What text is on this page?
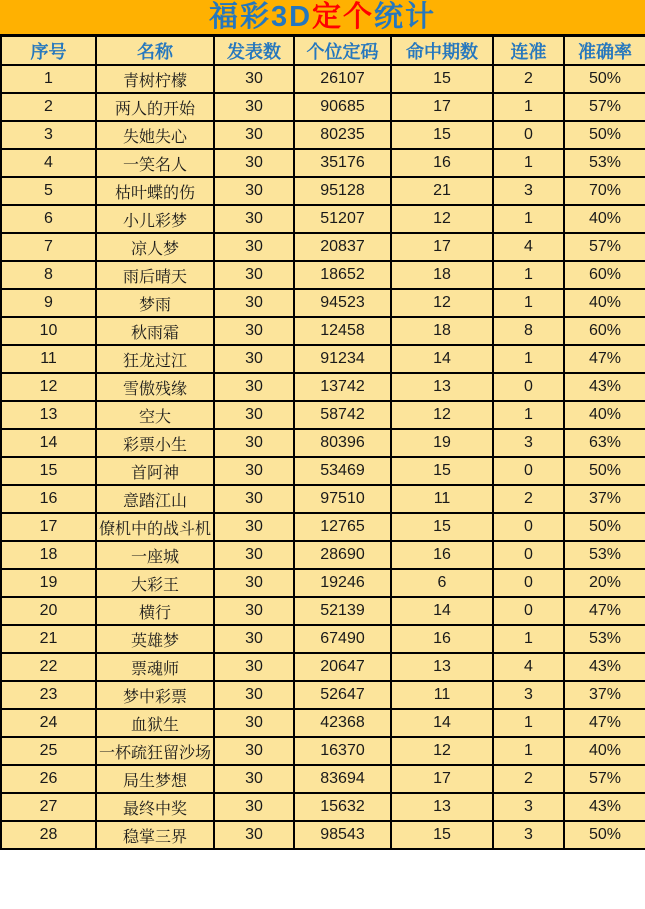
福彩3D 定个 统计
序号	名称	发表数	个位定码	命中期数	连准	准确率
1	青树柠檬	30	26107	15	2	50%
2	两人的开始	30	90685	17	1	57%
3	失她失心	30	80235	15	0	50%
4	一笑名人	30	35176	16	1	53%
5	枯叶蝶的伤	30	95128	21	3	70%
6	小儿彩梦	30	51207	12	1	40%
7	凉人梦	30	20837	17	4	57%
8	雨后晴天	30	18652	18	1	60%
9	梦雨	30	94523	12	1	40%
10	秋雨霜	30	12458	18	8	60%
11	狂龙过江	30	91234	14	1	47%
12	雪傲残缘	30	13742	13	0	43%
13	空大	30	58742	12	1	40%
14	彩票小生	30	80396	19	3	63%
15	首阿神	30	53469	15	0	50%
16	意踏江山	30	97510	11	2	37%
17	僚机中的战斗机	30	12765	15	0	50%
18	一座城	30	28690	16	0	53%
19	大彩王	30	19246	6	0	20%
20	横行	30	52139	14	0	47%
21	英雄梦	30	67490	16	1	53%
22	票魂师	30	20647	13	4	43%
23	梦中彩票	30	52647	11	3	37%
24	血狱生	30	42368	14	1	47%
25	一杯疏狂留沙场	30	16370	12	1	40%
26	局生梦想	30	83694	17	2	57%
27	最终中奖	30	15632	13	3	43%
28	稳掌三界	30	98543	15	3	50%
